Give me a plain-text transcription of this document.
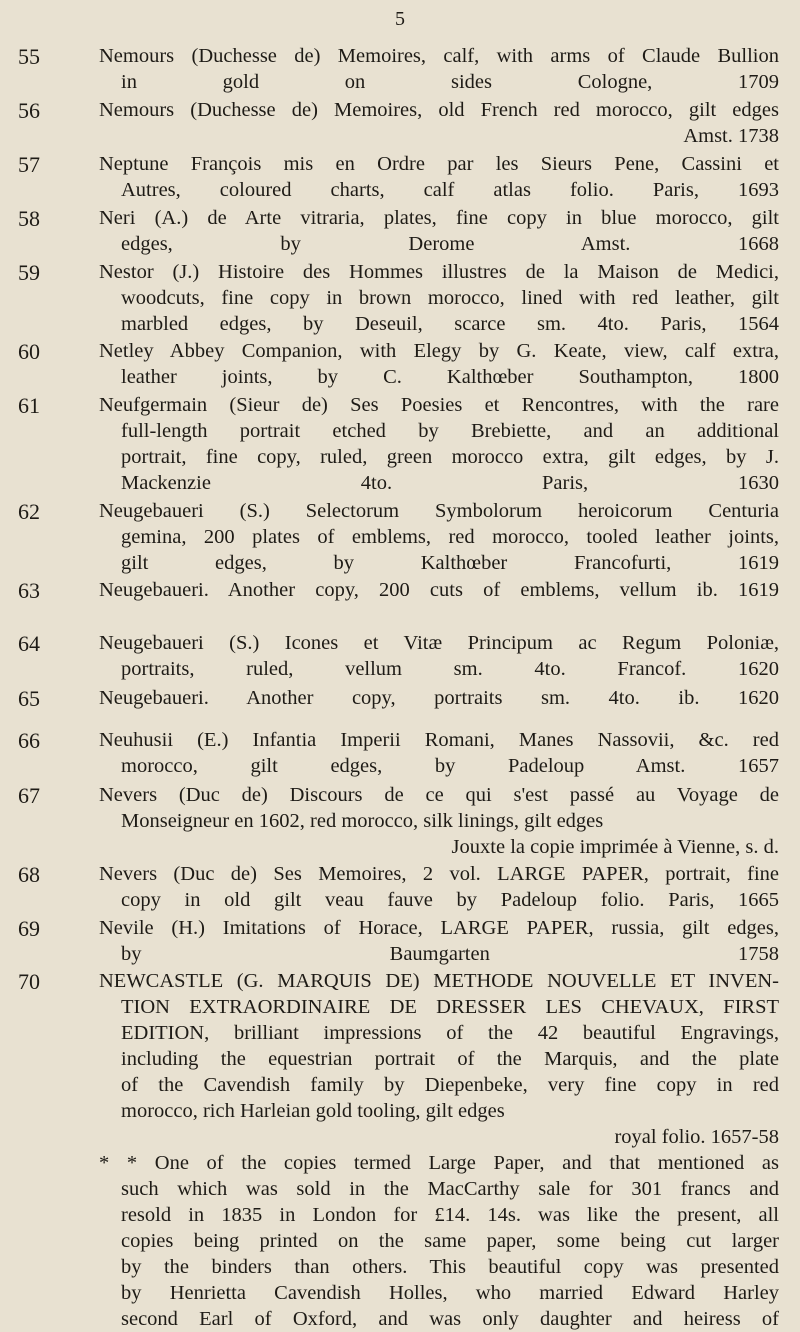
5
55	Nemours (Duchesse de) Memoires, calf, with arms of Claude Bullion
in gold on sides Cologne, 1709
56	Nemours (Duchesse de) Memoires, old French red morocco, gilt edges
Amst. 1738
57	Neptune François mis en Ordre par les Sieurs Pene, Cassini et
Autres, coloured charts, calf atlas folio. Paris, 1693
58	Neri (A.) de Arte vitraria, plates, fine copy in blue morocco, gilt
edges, by Derome Amst. 1668
59	Nestor (J.) Histoire des Hommes illustres de la Maison de Medici,
woodcuts, fine copy in brown morocco, lined with red leather, gilt
marbled edges, by Deseuil, scarce sm. 4to. Paris, 1564
60	Netley Abbey Companion, with Elegy by G. Keate, view, calf extra,
leather joints, by C. Kalthœber Southampton, 1800
61	Neufgermain (Sieur de) Ses Poesies et Rencontres, with the rare
full-length portrait etched by Brebiette, and an additional
portrait, fine copy, ruled, green morocco extra, gilt edges, by J.
Mackenzie 4to. Paris, 1630
62	Neugebaueri (S.) Selectorum Symbolorum heroicorum Centuria
gemina, 200 plates of emblems, red morocco, tooled leather joints,
gilt edges, by Kalthœber Francofurti, 1619
63	Neugebaueri. Another copy, 200 cuts of emblems, vellum ib. 1619
64	Neugebaueri (S.) Icones et Vitæ Principum ac Regum Poloniæ,
portraits, ruled, vellum sm. 4to. Francof. 1620
65	Neugebaueri. Another copy, portraits sm. 4to. ib. 1620
66	Neuhusii (E.) Infantia Imperii Romani, Manes Nassovii, &c. red
morocco, gilt edges, by Padeloup Amst. 1657
67	Nevers (Duc de) Discours de ce qui s'est passé au Voyage de
Monseigneur en 1602, red morocco, silk linings, gilt edges
Jouxte la copie imprimée à Vienne, s. d.
68	Nevers (Duc de) Ses Memoires, 2 vol. LARGE PAPER, portrait, fine
copy in old gilt veau fauve by Padeloup folio. Paris, 1665
69	Nevile (H.) Imitations of Horace, LARGE PAPER, russia, gilt edges,
by Baumgarten 1758
70	NEWCASTLE (G. MARQUIS DE) METHODE NOUVELLE ET INVEN-
TION EXTRAORDINAIRE DE DRESSER LES CHEVAUX, FIRST
EDITION, brilliant impressions of the 42 beautiful Engravings,
including the equestrian portrait of the Marquis, and the plate
of the Cavendish family by Diepenbeke, very fine copy in red
morocco, rich Harleian gold tooling, gilt edges
royal folio. 1657-58
* * One of the copies termed Large Paper, and that mentioned as
such which was sold in the MacCarthy sale for 301 francs and
resold in 1835 in London for £14. 14s. was like the present, all
copies being printed on the same paper, some being cut larger
by the binders than others. This beautiful copy was presented
by Henrietta Cavendish Holles, who married Edward Harley
second Earl of Oxford, and was only daughter and heiress of
